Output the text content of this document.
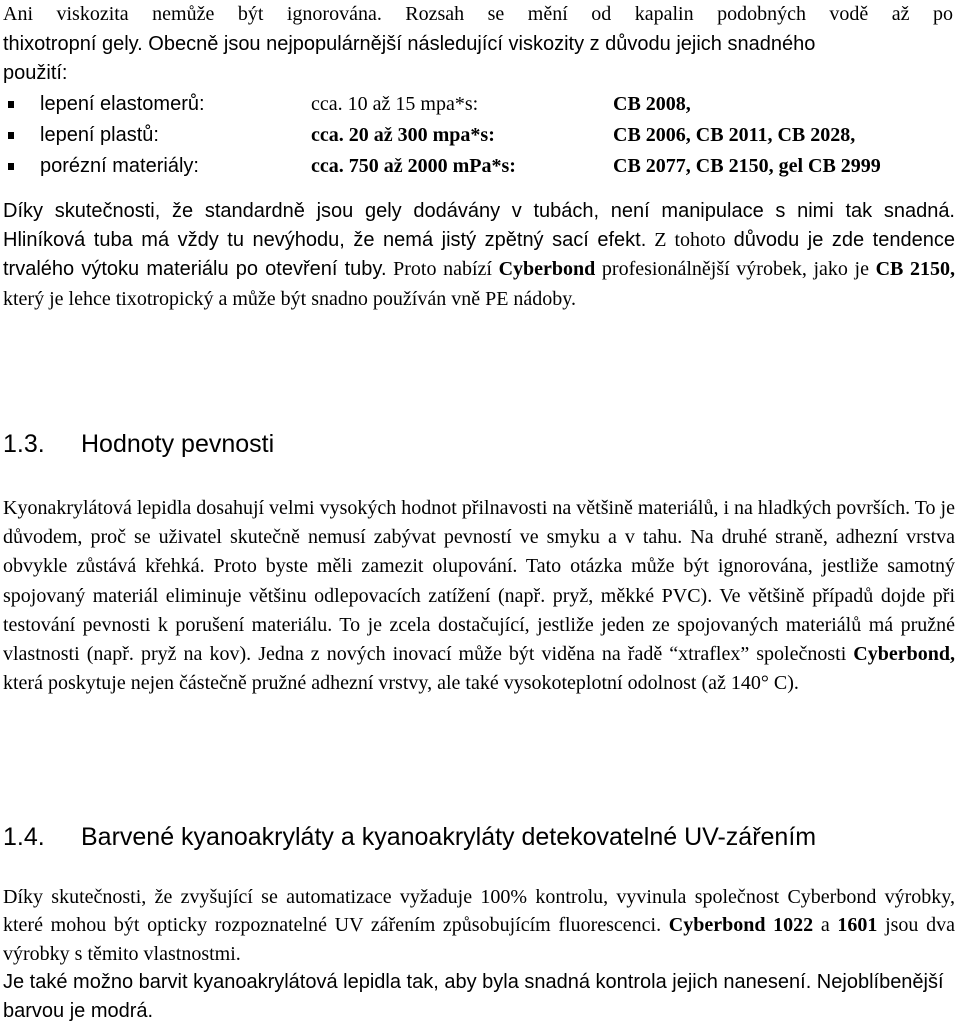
Ani viskozita nemůže být ignorována. Rozsah se mění od kapalin podobných vodě až po
thixotropní gely. Obecně jsou nejpopulárnější následující viskozity z důvodu jejich snadného
použití:
lepení elastomerů:	cca. 10 až 15 mpa*s:	CB 2008,
lepení plastů:	cca. 20 až 300 mpa*s:	CB 2006, CB 2011, CB 2028,
porézní materiály:	cca. 750 až 2000 mPa*s:	CB 2077, CB 2150, gel CB 2999

Díky skutečnosti, že standardně jsou gely dodávány v tubách, není manipulace s nimi tak snadná. Hliníková tuba má vždy tu nevýhodu, že nemá jistý zpětný sací efekt. Z tohoto důvodu je zde tendence trvalého výtoku materiálu po otevření tuby. Proto nabízí Cyberbond profesionálnější výrobek, jako je CB 2150, který je lehce tixotropický a může být snadno používán vně PE nádoby.

1.3. Hodnoty pevnosti

Kyonakrylátová lepidla dosahují velmi vysokých hodnot přilnavosti na většině materiálů, i na hladkých površích. To je důvodem, proč se uživatel skutečně nemusí zabývat pevností ve smyku a v tahu. Na druhé straně, adhezní vrstva obvykle zůstává křehká. Proto byste měli zamezit olupování. Tato otázka může být ignorována, jestliže samotný spojovaný materiál eliminuje většinu odlepovacích zatížení (např. pryž, měkké PVC). Ve většině případů dojde při testování pevnosti k porušení materiálu. To je zcela dostačující, jestliže jeden ze spojovaných materiálů má pružné vlastnosti (např. pryž na kov). Jedna z nových inovací může být viděna na řadě “xtraflex” společnosti Cyberbond, která poskytuje nejen částečně pružné adhezní vrstvy, ale také vysokoteplotní odolnost (až 140° C).

1.4. Barvené kyanoakryláty a kyanoakryláty detekovatelné UV-zářením

Díky skutečnosti, že zvyšující se automatizace vyžaduje 100% kontrolu, vyvinula společnost Cyberbond výrobky, které mohou být opticky rozpoznatelné UV zářením způsobujícím fluorescenci. Cyberbond 1022 a 1601 jsou dva výrobky s těmito vlastnostmi.

Je také možno barvit kyanoakrylátová lepidla tak, aby byla snadná kontrola jejich nanesení. Nejoblíbenější barvou je modrá.
